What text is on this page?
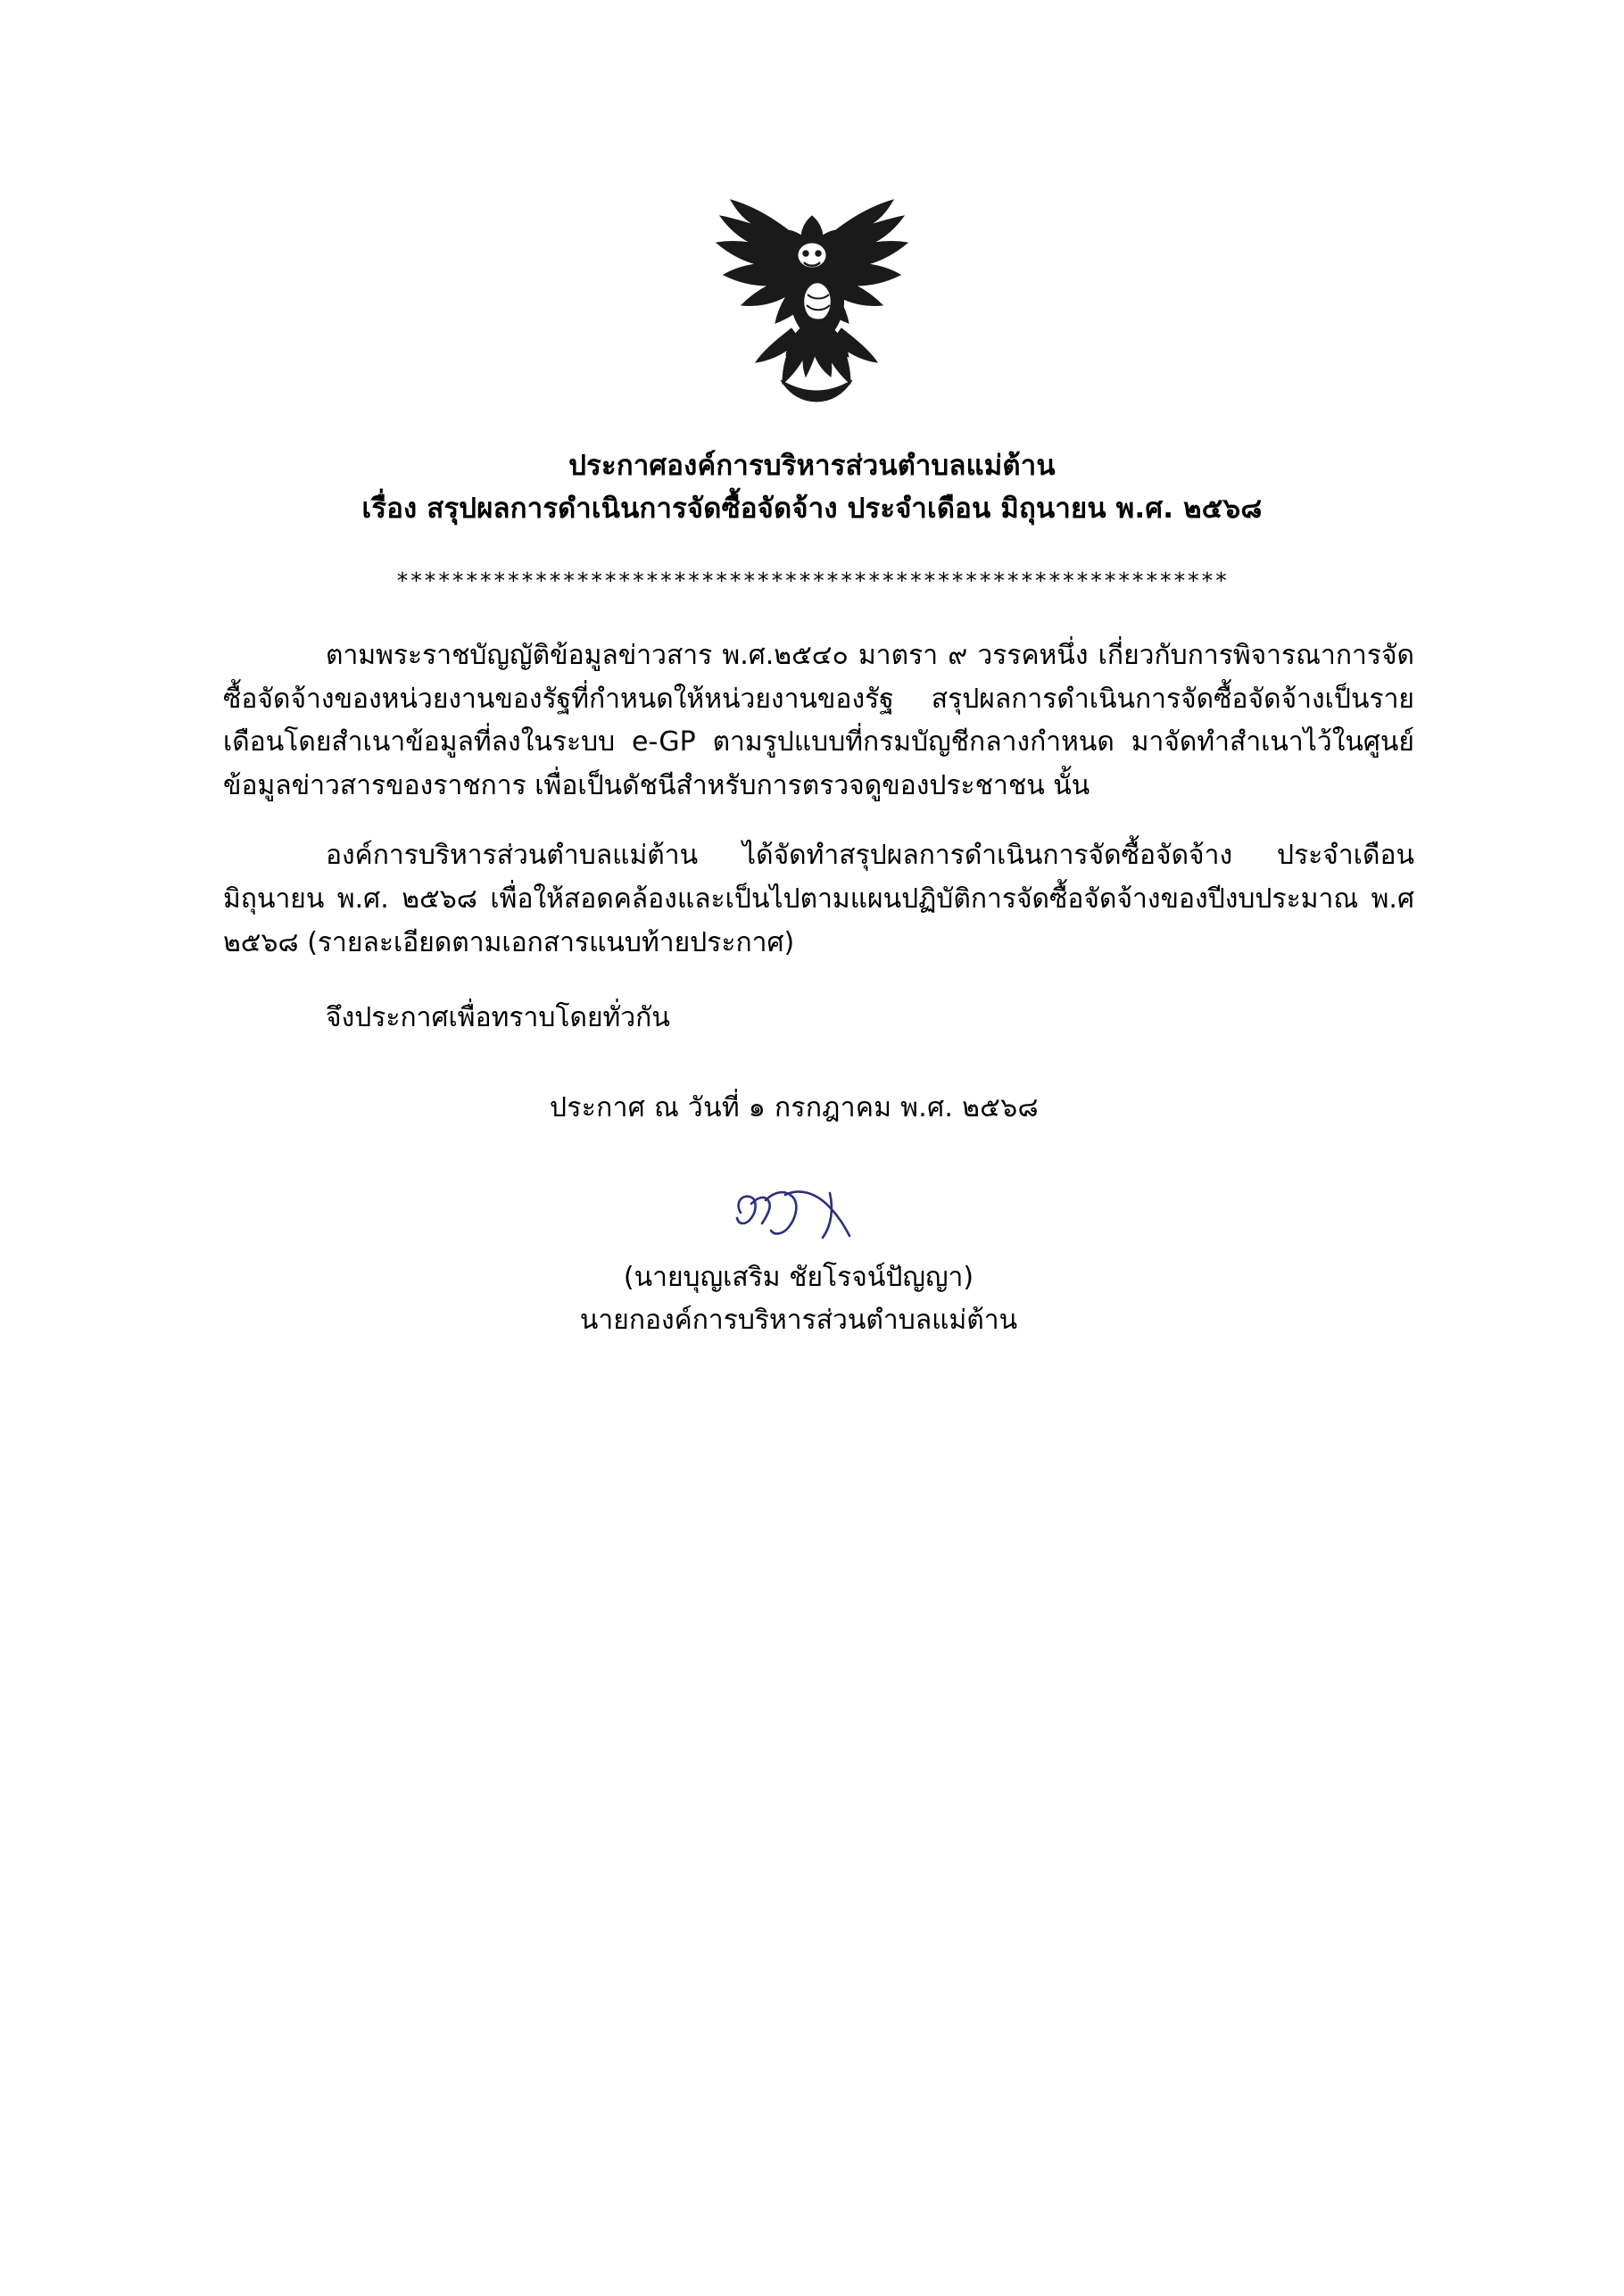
ประกาศองค์การบริหารส่วนตำบลแม่ต้าน
เรื่อง สรุปผลการดำเนินการจัดซื้อจัดจ้าง ประจำเดือน มิถุนายน พ.ศ. ๒๕๖๘
************************************************************

ตามพระราชบัญญัติข้อมูลข่าวสาร พ.ศ.๒๕๔๐ มาตรา ๙ วรรคหนึ่ง เกี่ยวกับการพิจารณาการจัดซื้อจัดจ้างของหน่วยงานของรัฐที่กำหนดให้หน่วยงานของรัฐ สรุปผลการดำเนินการจัดซื้อจัดจ้างเป็นรายเดือนโดยสำเนาข้อมูลที่ลงในระบบ e-GP ตามรูปแบบที่กรมบัญชีกลางกำหนด มาจัดทำสำเนาไว้ในศูนย์ข้อมูลข่าวสารของราชการ เพื่อเป็นดัชนีสำหรับการตรวจดูของประชาชน นั้น

องค์การบริหารส่วนตำบลแม่ต้าน ได้จัดทำสรุปผลการดำเนินการจัดซื้อจัดจ้าง ประจำเดือน มิถุนายน พ.ศ. ๒๕๖๘ เพื่อให้สอดคล้องและเป็นไปตามแผนปฏิบัติการจัดซื้อจัดจ้างของปีงบประมาณ พ.ศ ๒๕๖๘ (รายละเอียดตามเอกสารแนบท้ายประกาศ)

จึงประกาศเพื่อทราบโดยทั่วกัน

ประกาศ ณ วันที่ ๑ กรกฎาคม พ.ศ. ๒๕๖๘
(นายบุญเสริม ชัยโรจน์ปัญญา)
นายกองค์การบริหารส่วนตำบลแม่ต้าน
